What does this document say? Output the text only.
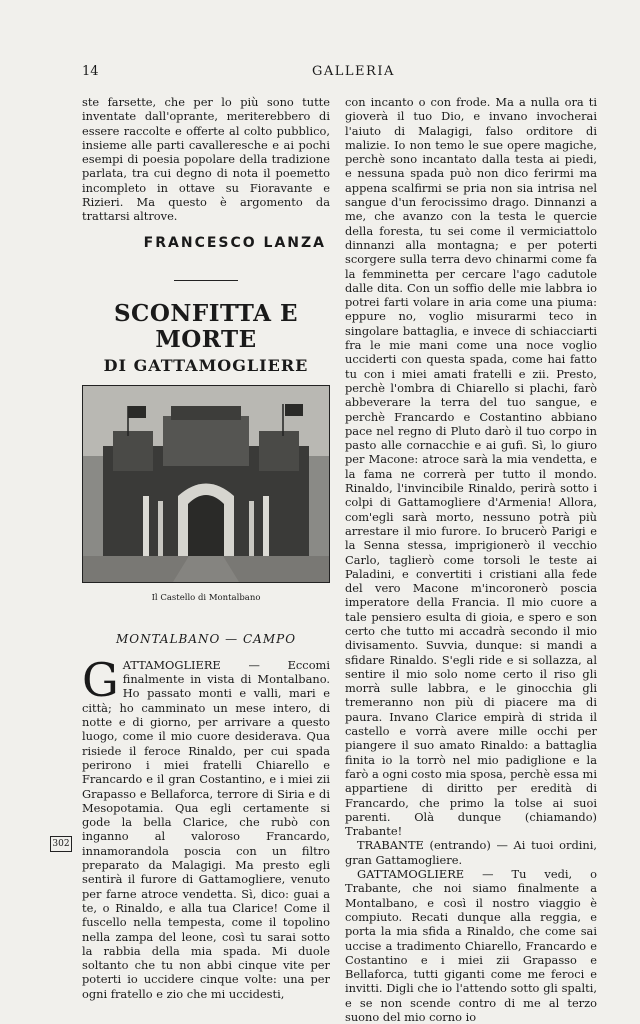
14	GALLERIA

ste farsette, che per lo più sono tutte inventate dall'oprante, meriterebbero di essere raccolte e offerte al colto pubblico, insieme alle parti cavalleresche e ai pochi esempi di poesia popolare della tradizione parlata, tra cui degno di nota il poemetto incompleto in ottave su Fioravante e Rizieri. Ma questo è argomento da trattarsi altrove.

FRANCESCO LANZA
SCONFITTA E MORTE
DI GATTAMOGLIERE
Il Castello di Montalbano
MONTALBANO — CAMPO

GATTAMOGLIERE — Eccomi finalmente in vista di Montalbano. Ho passato monti e valli, mari e città; ho camminato un mese intero, di notte e di giorno, per arrivare a questo luogo, come il mio cuore desiderava. Qua risiede il feroce Rinaldo, per cui spada perirono i miei fratelli Chiarello e Francardo e il gran Costantino, e i miei zii Grapasso e Bellaforca, terrore di Siria e di Mesopotamia. Qua egli certamente si gode la bella Clarice, che rubò con inganno al valoroso Francardo, innamorandola poscia con un filtro preparato da Malagigi. Ma presto egli sentirà il furore di Gattamogliere, venuto per farne atroce vendetta. Sì, dico: guai a te, o Rinaldo, e alla tua Clarice! Come il fuscello nella tempesta, come il topolino nella zampa del leone, così tu sarai sotto la rabbia della mia spada. Mi duole soltanto che tu non abbi cinque vite per poterti io uccidere cinque volte: una per ogni fratello e zio che mi uccidesti,

con incanto o con frode. Ma a nulla ora ti gioverà il tuo Dio, e invano invocherai l'aiuto di Malagigi, falso orditore di malizie. Io non temo le sue opere magiche, perchè sono incantato dalla testa ai piedi, e nessuna spada può non dico ferirmi ma appena scalfirmi se pria non sia intrisa nel sangue d'un ferocissimo drago. Dinnanzi a me, che avanzo con la testa le quercie della foresta, tu sei come il vermiciattolo dinnanzi alla montagna; e per poterti scorgere sulla terra devo chinarmi come fa la femminetta per cercare l'ago cadutole dalle dita. Con un soffio delle mie labbra io potrei farti volare in aria come una piuma: eppure no, voglio misurarmi teco in singolare battaglia, e invece di schiacciarti fra le mie mani come una noce voglio ucciderti con questa spada, come hai fatto tu con i miei amati fratelli e zii. Presto, perchè l'ombra di Chiarello si plachi, farò abbeverare la terra del tuo sangue, e perchè Francardo e Costantino abbiano pace nel regno di Pluto darò il tuo corpo in pasto alle cornacchie e ai gufi. Sì, lo giuro per Macone: atroce sarà la mia vendetta, e la fama ne correrà per tutto il mondo. Rinaldo, l'invincibile Rinaldo, perirà sotto i colpi di Gattamogliere d'Armenia! Allora, com'egli sarà morto, nessuno potrà più arrestare il mio furore. Io brucerò Parigi e la Senna stessa, imprigionerò il vecchio Carlo, taglierò come torsoli le teste ai Paladini, e convertiti i cristiani alla fede del vero Macone m'incoronerò poscia imperatore della Francia. Il mio cuore a tale pensiero esulta di gioia, e spero e son certo che tutto mi accadrà secondo il mio divisamento. Suvvia, dunque: si mandi a sfidare Rinaldo. S'egli ride e si sollazza, al sentire il mio solo nome certo il riso gli morrà sulle labbra, e le ginocchia gli tremeranno non più di piacere ma di paura. Invano Clarice empirà di strida il castello e vorrà avere mille occhi per piangere il suo amato Rinaldo: a battaglia finita io la torrò nel mio padiglione e la farò a ogni costo mia sposa, perchè essa mi appartiene di diritto per eredità di Francardo, che primo la tolse ai suoi parenti. Olà dunque (chiamando) Trabante!

TRABANTE (entrando) — Ai tuoi ordini, gran Gattamogliere.

GATTAMOGLIERE — Tu vedi, o Trabante, che noi siamo finalmente a Montalbano, e così il nostro viaggio è compiuto. Recati dunque alla reggia, e porta la mia sfida a Rinaldo, che come sai uccise a tradimento Chiarello, Francardo e Costantino e i miei zii Grapasso e Bellaforca, tutti giganti come me feroci e invitti. Digli che io l'attendo sotto gli spalti, e se non scende contro di me al terzo suono del mio corno io

302
